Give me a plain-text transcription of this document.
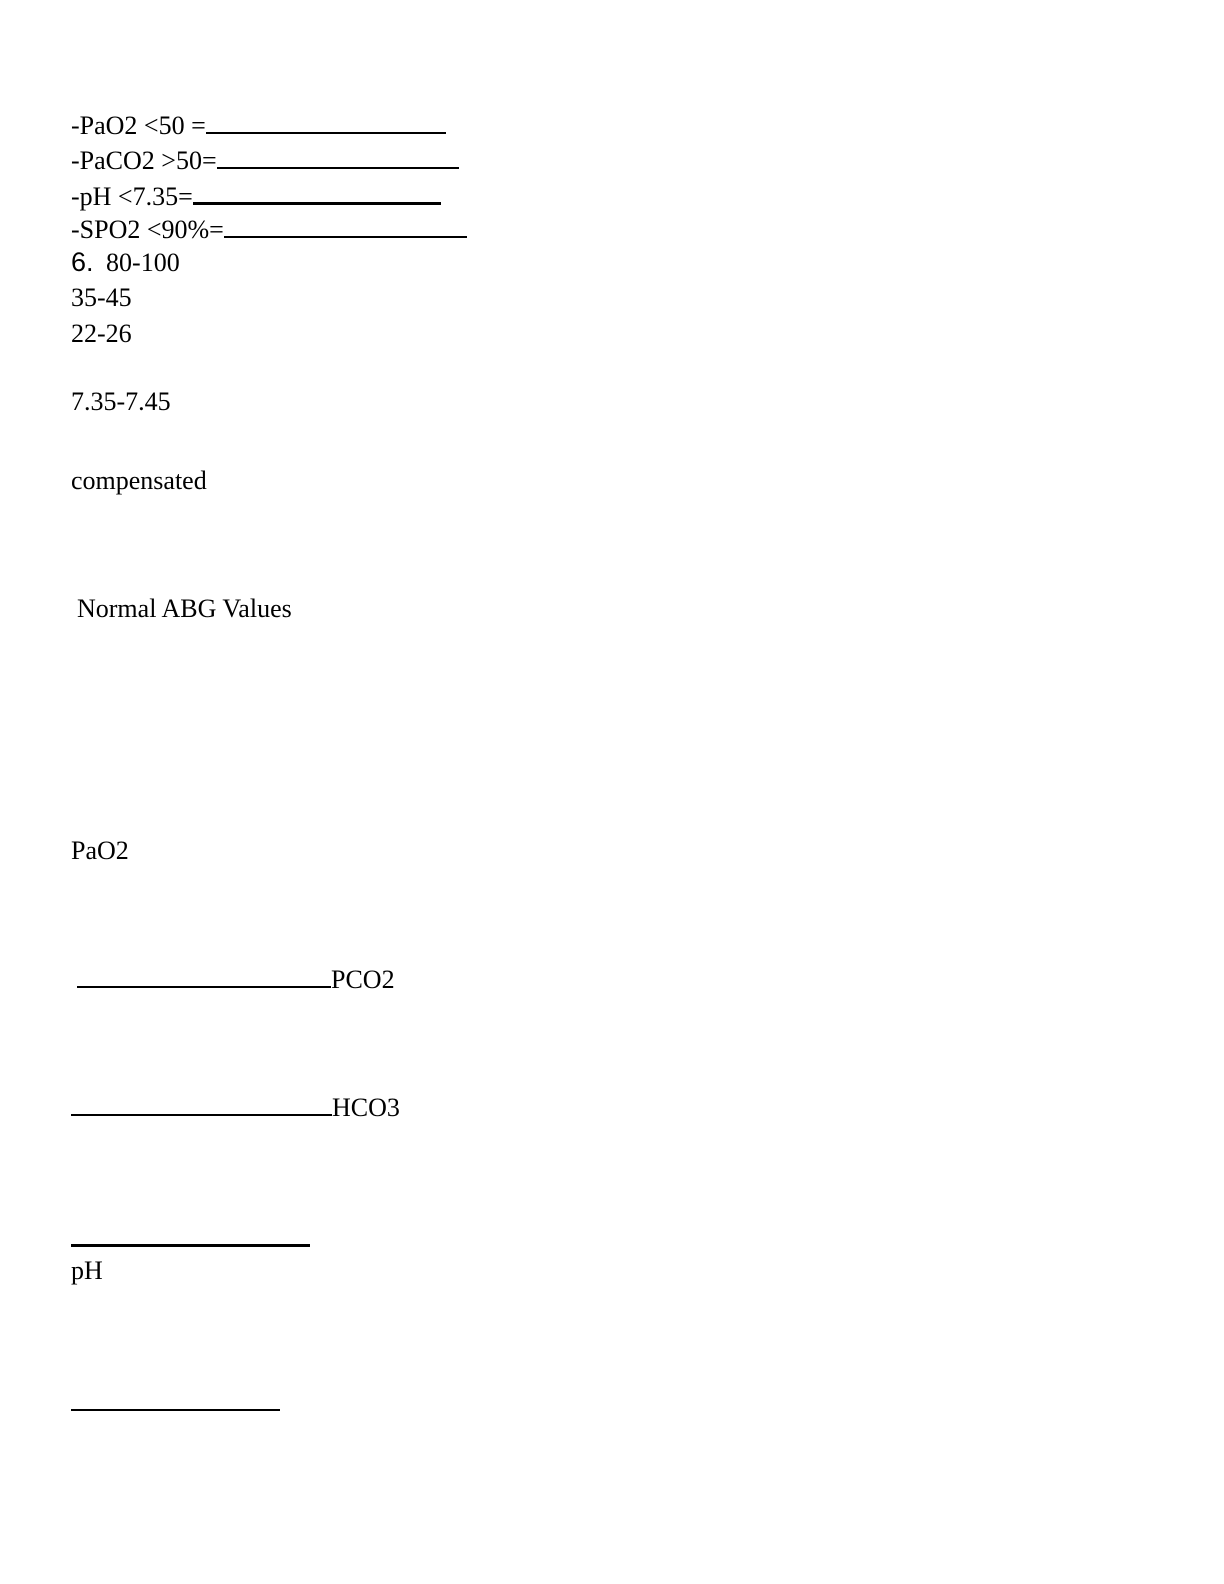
-PaO2 <50 =
-PaCO2 >50=
-pH <7.35=
-SPO2 <90%=
6. 80-100
35-45
22-26
7.35-7.45
compensated
Normal ABG Values
PaO2
PCO2
HCO3
pH
